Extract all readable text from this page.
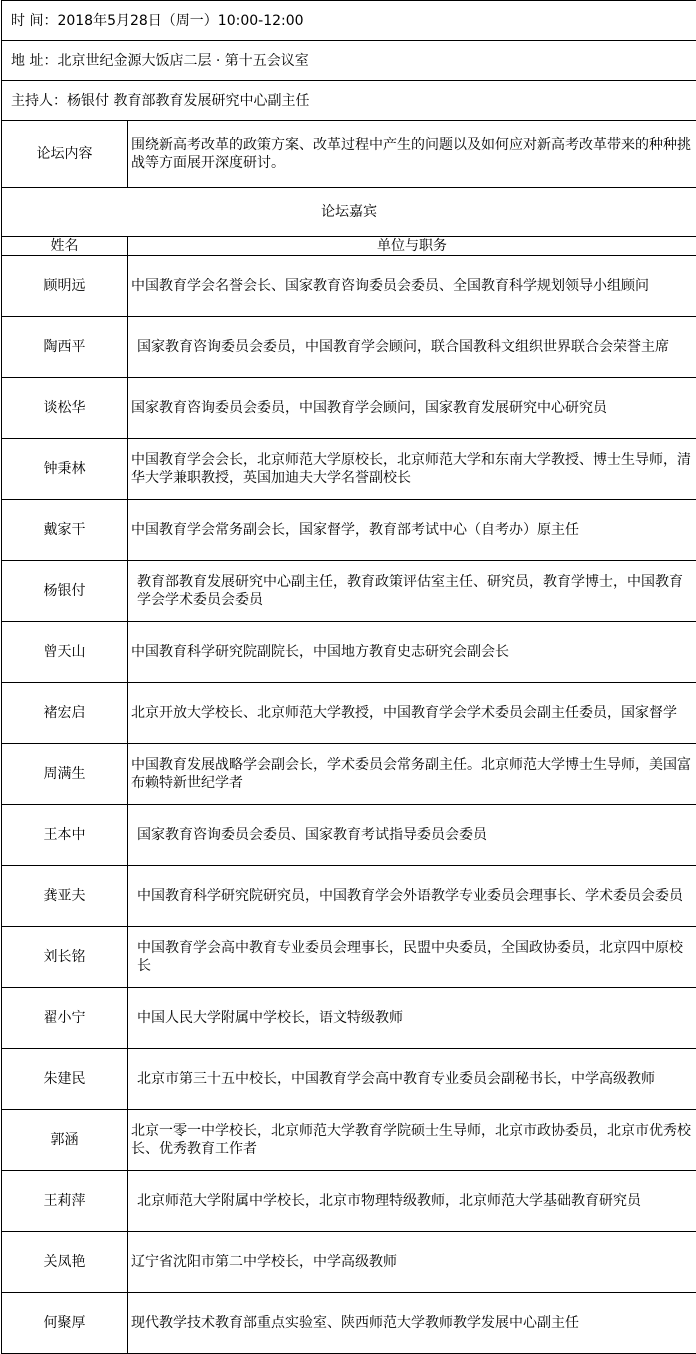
时 间：2018年5月28日（周一）10:00-12:00	
地 址：北京世纪金源大饭店二层 · 第十五会议室	
主持人：杨银付 教育部教育发展研究中心副主任	
论坛内容	围绕新高考改革的政策方案、改革过程中产生的问题以及如何应对新高考改革带来的种种挑战等方面展开深度研讨。
论坛嘉宾	
姓名	单位与职务
顾明远	中国教育学会名誉会长、国家教育咨询委员会委员、全国教育科学规划领导小组顾问
陶西平	国家教育咨询委员会委员，中国教育学会顾问，联合国教科文组织世界联合会荣誉主席
谈松华	国家教育咨询委员会委员，中国教育学会顾问，国家教育发展研究中心研究员
钟秉林	中国教育学会会长，北京师范大学原校长，北京师范大学和东南大学教授、博士生导师，清华大学兼职教授，英国加迪夫大学名誉副校长
戴家干	中国教育学会常务副会长，国家督学，教育部考试中心（自考办）原主任
杨银付	教育部教育发展研究中心副主任，教育政策评估室主任、研究员，教育学博士，中国教育学会学术委员会委员
曾天山	中国教育科学研究院副院长，中国地方教育史志研究会副会长
褚宏启	北京开放大学校长、北京师范大学教授，中国教育学会学术委员会副主任委员，国家督学
周满生	中国教育发展战略学会副会长，学术委员会常务副主任。北京师范大学博士生导师，美国富布赖特新世纪学者
王本中	国家教育咨询委员会委员、国家教育考试指导委员会委员
龚亚夫	中国教育科学研究院研究员，中国教育学会外语教学专业委员会理事长、学术委员会委员
刘长铭	中国教育学会高中教育专业委员会理事长，民盟中央委员，全国政协委员，北京四中原校长
翟小宁	中国人民大学附属中学校长，语文特级教师
朱建民	北京市第三十五中校长，中国教育学会高中教育专业委员会副秘书长，中学高级教师
郭涵	北京一零一中学校长，北京师范大学教育学院硕士生导师，北京市政协委员，北京市优秀校长、优秀教育工作者
王莉萍	北京师范大学附属中学校长，北京市物理特级教师，北京师范大学基础教育研究员
关凤艳	辽宁省沈阳市第二中学校长，中学高级教师
何聚厚	现代教学技术教育部重点实验室、陕西师范大学教师教学发展中心副主任
